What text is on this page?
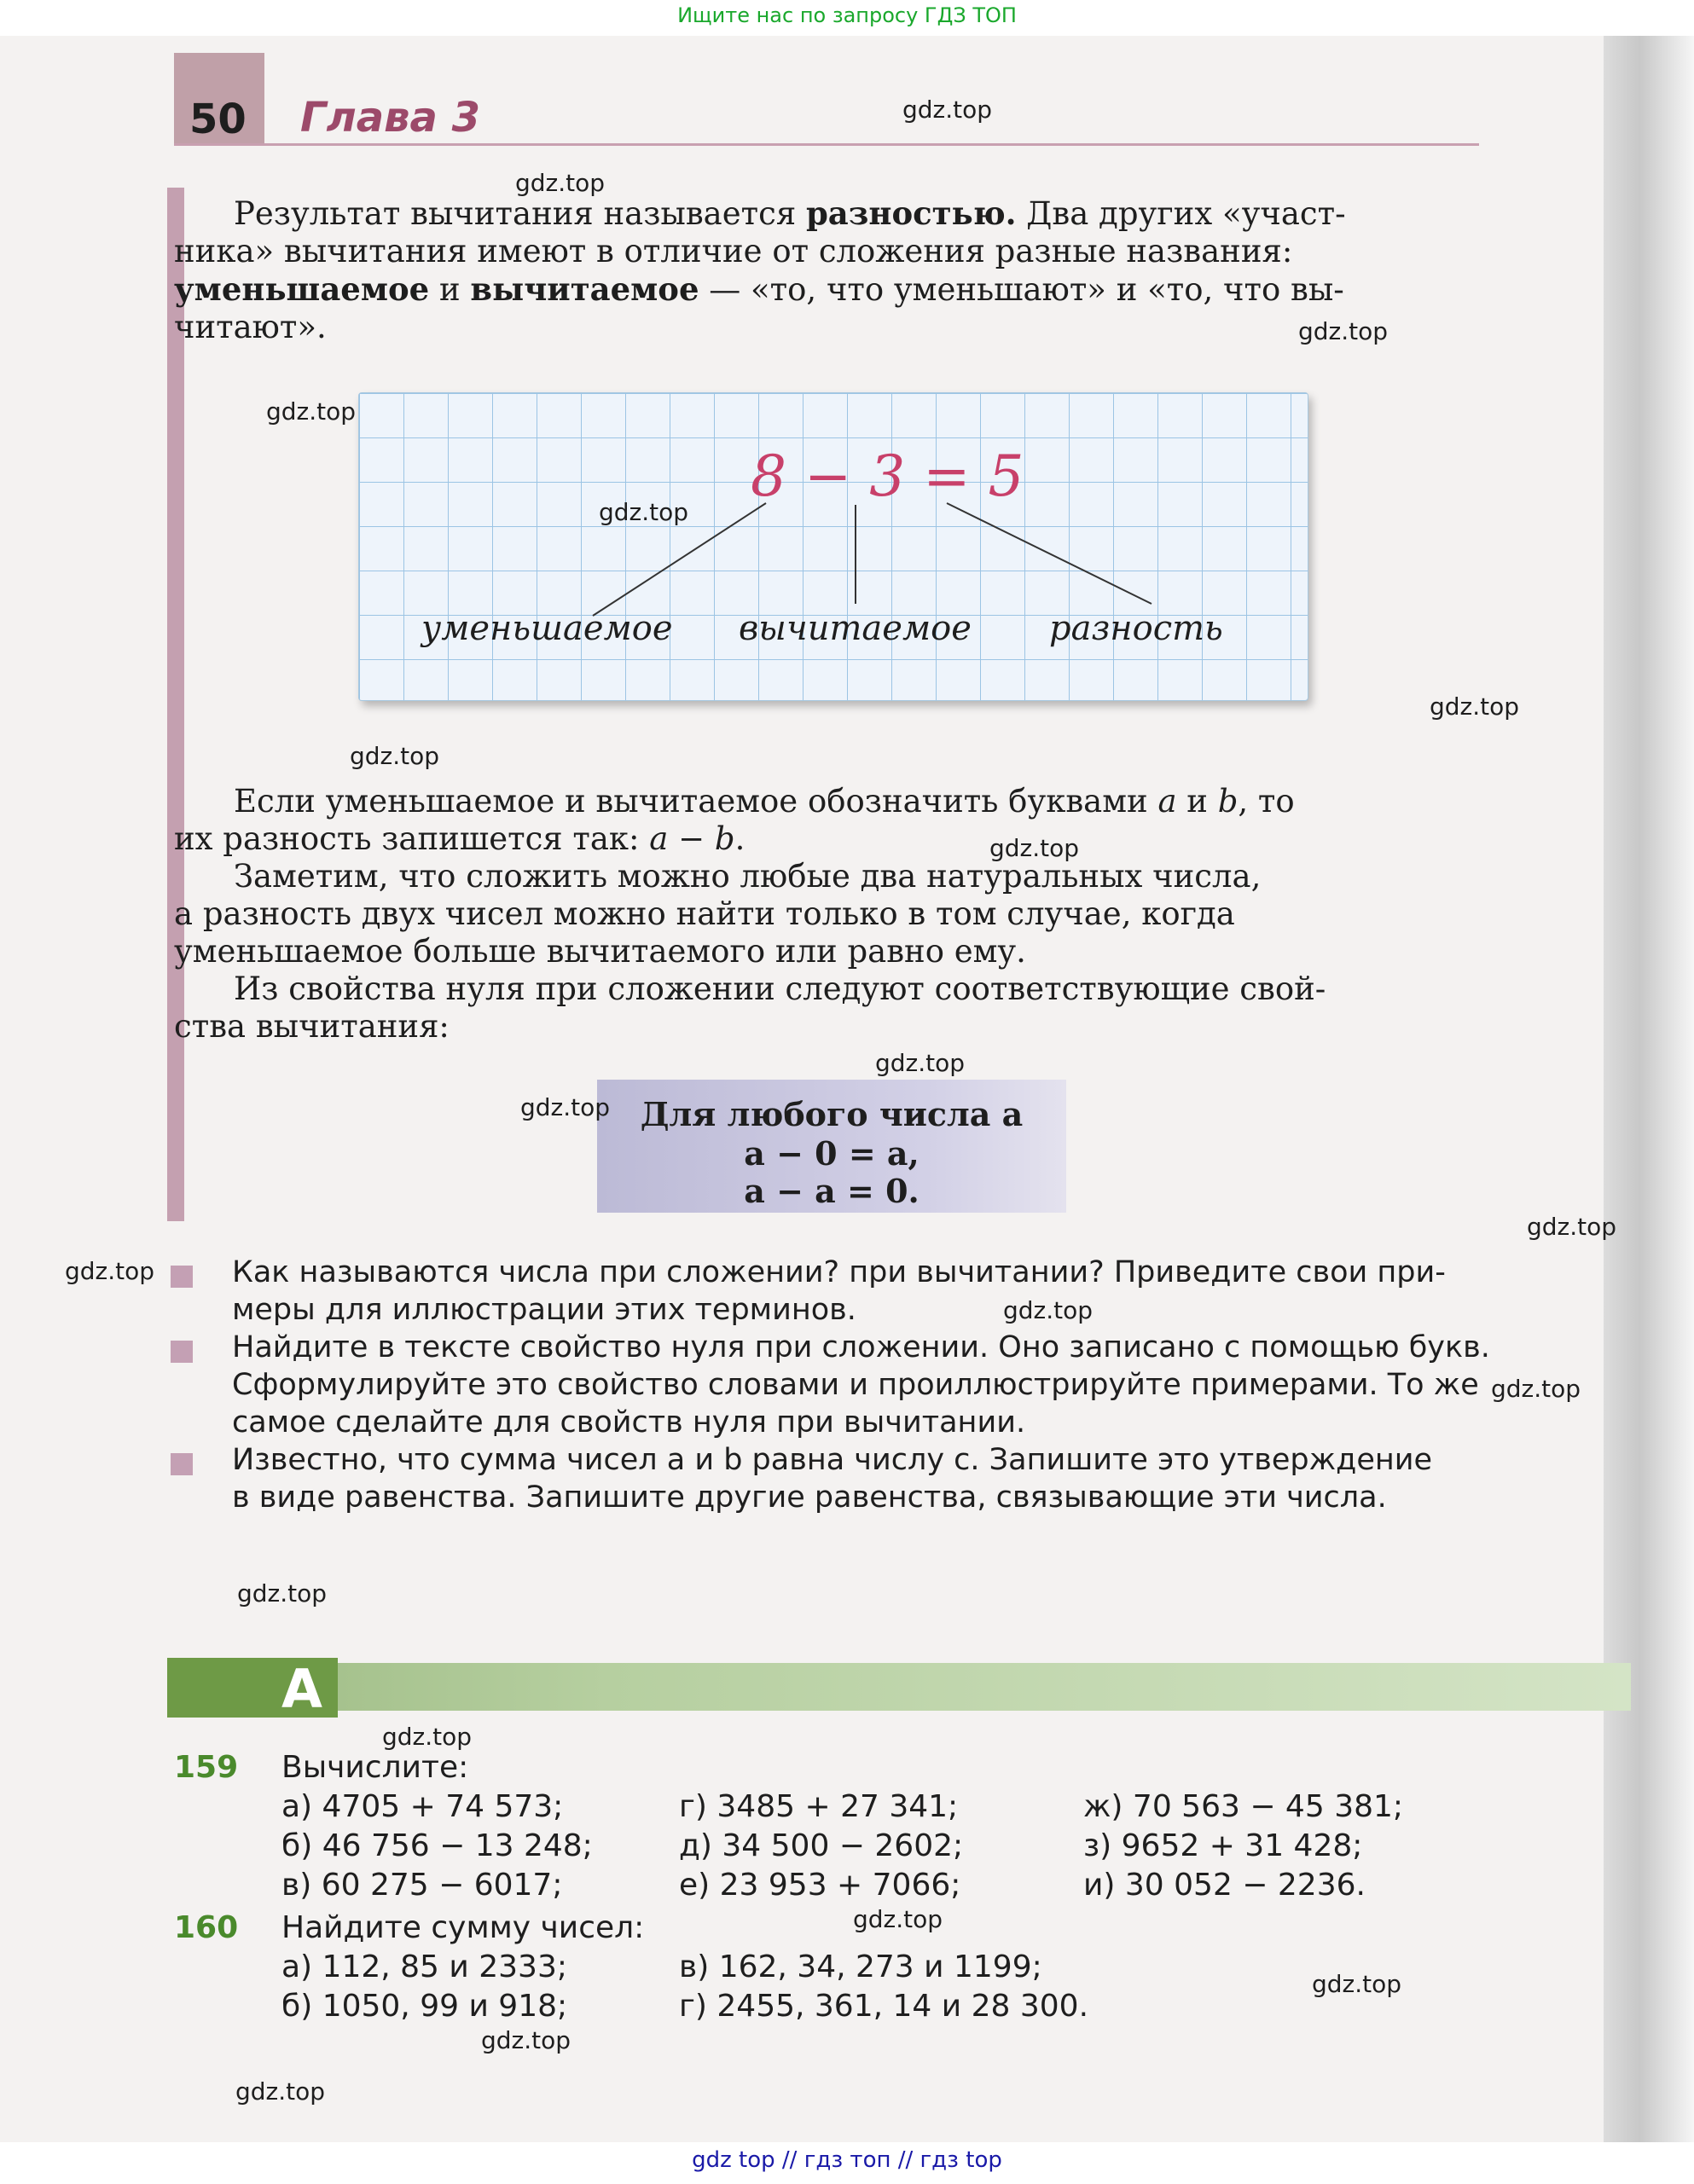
Ищите нас по запросу ГДЗ ТОП
50 Глава 3
Результат вычитания называется разностью. Два других «участ-
ника» вычитания имеют в отличие от сложения разные названия:
уменьшаемое и вычитаемое — «то, что уменьшают» и «то, что вы-
читают».
8 − 3 = 5
уменьшаемое вычитаемое разность
Если уменьшаемое и вычитаемое обозначить буквами a и b, то
их разность запишется так: a − b.
Заметим, что сложить можно любые два натуральных числа,
а разность двух чисел можно найти только в том случае, когда
уменьшаемое больше вычитаемого или равно ему.
Из свойства нуля при сложении следуют соответствующие свой-
ства вычитания:
Для любого числа a
a − 0 = a,
a − a = 0.
Как называются числа при сложении? при вычитании? Приведите свои при-
меры для иллюстрации этих терминов.
Найдите в тексте свойство нуля при сложении. Оно записано с помощью букв.
Сформулируйте это свойство словами и проиллюстрируйте примерами. То же
самое сделайте для свойств нуля при вычитании.
Известно, что сумма чисел a и b равна числу c. Запишите это утверждение
в виде равенства. Запишите другие равенства, связывающие эти числа.
А
159 Вычислите:
а) 4705 + 74 573;	г) 3485 + 27 341;	ж) 70 563 − 45 381;
б) 46 756 − 13 248;	д) 34 500 − 2602;	з) 9652 + 31 428;
в) 60 275 − 6017;	е) 23 953 + 7066;	и) 30 052 − 2236.
160 Найдите сумму чисел:
а) 112, 85 и 2333;	в) 162, 34, 273 и 1199;
б) 1050, 99 и 918;	г) 2455, 361, 14 и 28 300.
gdz.top
gdz.top
gdz.top
gdz.top
gdz.top
gdz.top
gdz.top
gdz.top
gdz.top
gdz.top
gdz.top
gdz.top
gdz.top
gdz.top
gdz.top
gdz.top
gdz.top
gdz.top
gdz.top
gdz.top
gdz top // гдз топ // гдз top
